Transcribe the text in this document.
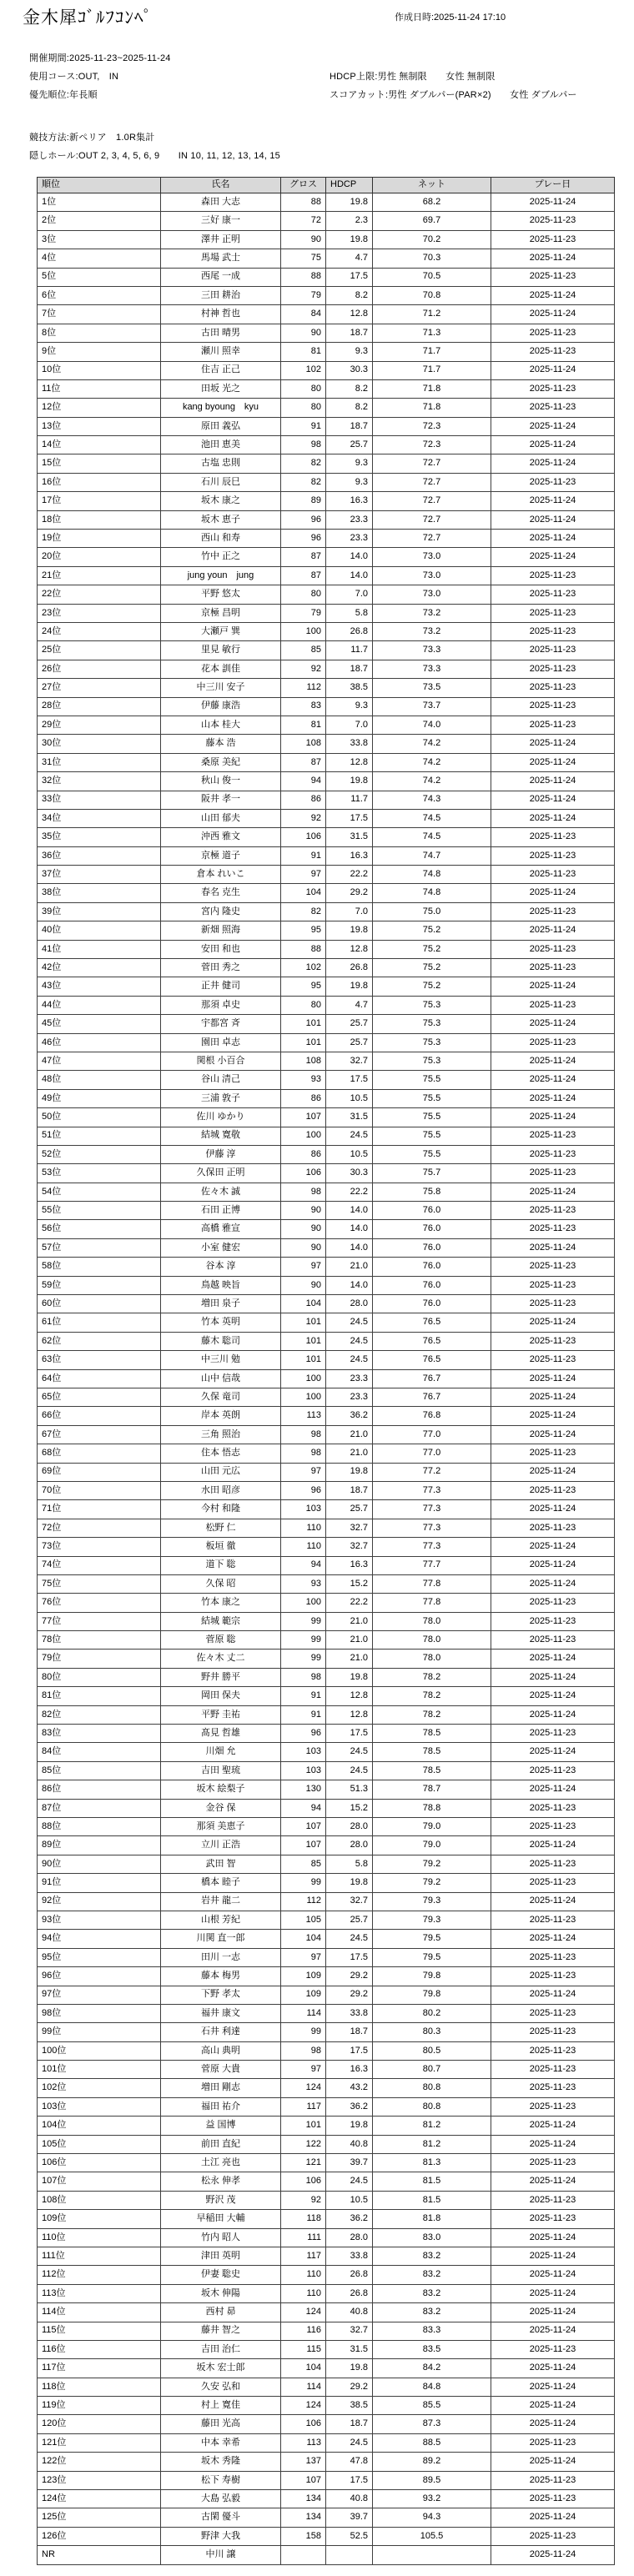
金木犀ｺﾞﾙﾌｺﾝﾍﾟ	作成日時:2025-11-24 17:10
開催期間:2025-11-23~2025-11-24
使用コース:OUT,　IN
優先順位:年長順
HDCP上限:男性 無制限　　女性 無制限
スコアカット:男性 ダブルパー(PAR×2)　　女性 ダブルパー
競技方法:新ペリア　1.0R集計
隠しホール:OUT 2, 3, 4, 5, 6, 9　　IN 10, 11, 12, 13, 14, 15
順位	氏名	グロス	HDCP	ネット	プレー日
1位	森田 大志	88	19.8	68.2	2025-11-24
2位	三好 康一	72	2.3	69.7	2025-11-23
3位	澤井 正明	90	19.8	70.2	2025-11-23
4位	馬場 武士	75	4.7	70.3	2025-11-24
5位	西尾 一成	88	17.5	70.5	2025-11-23
6位	三田 耕治	79	8.2	70.8	2025-11-24
7位	村神 哲也	84	12.8	71.2	2025-11-24
8位	古田 晴男	90	18.7	71.3	2025-11-23
9位	瀬川 照幸	81	9.3	71.7	2025-11-23
10位	住吉 正己	102	30.3	71.7	2025-11-24
11位	田坂 光之	80	8.2	71.8	2025-11-23
12位	kang byoung　kyu	80	8.2	71.8	2025-11-23
13位	原田 義弘	91	18.7	72.3	2025-11-24
14位	池田 恵美	98	25.7	72.3	2025-11-24
15位	古塩 忠則	82	9.3	72.7	2025-11-24
16位	石川 辰巳	82	9.3	72.7	2025-11-23
17位	坂木 康之	89	16.3	72.7	2025-11-24
18位	坂木 恵子	96	23.3	72.7	2025-11-24
19位	西山 和寿	96	23.3	72.7	2025-11-24
20位	竹中 正之	87	14.0	73.0	2025-11-24
21位	jung youn　jung	87	14.0	73.0	2025-11-23
22位	平野 悠太	80	7.0	73.0	2025-11-23
23位	京極 昌明	79	5.8	73.2	2025-11-23
24位	大瀬戸 巽	100	26.8	73.2	2025-11-23
25位	里見 敏行	85	11.7	73.3	2025-11-23
26位	花本 訓佳	92	18.7	73.3	2025-11-23
27位	中三川 安子	112	38.5	73.5	2025-11-23
28位	伊藤 康浩	83	9.3	73.7	2025-11-23
29位	山本 桂大	81	7.0	74.0	2025-11-23
30位	藤本 浩	108	33.8	74.2	2025-11-24
31位	桑原 美紀	87	12.8	74.2	2025-11-24
32位	秋山 俊一	94	19.8	74.2	2025-11-24
33位	阪井 孝一	86	11.7	74.3	2025-11-24
34位	山田 郁夫	92	17.5	74.5	2025-11-24
35位	沖西 雅文	106	31.5	74.5	2025-11-23
36位	京極 道子	91	16.3	74.7	2025-11-23
37位	倉本 れいこ	97	22.2	74.8	2025-11-23
38位	春名 克生	104	29.2	74.8	2025-11-24
39位	宮内 隆史	82	7.0	75.0	2025-11-23
40位	新畑 照海	95	19.8	75.2	2025-11-24
41位	安田 和也	88	12.8	75.2	2025-11-23
42位	菅田 秀之	102	26.8	75.2	2025-11-23
43位	正井 健司	95	19.8	75.2	2025-11-24
44位	那須 卓史	80	4.7	75.3	2025-11-23
45位	宇都宮 斉	101	25.7	75.3	2025-11-24
46位	園田 卓志	101	25.7	75.3	2025-11-23
47位	関根 小百合	108	32.7	75.3	2025-11-24
48位	谷山 清己	93	17.5	75.5	2025-11-24
49位	三浦 敦子	86	10.5	75.5	2025-11-24
50位	佐川 ゆかり	107	31.5	75.5	2025-11-24
51位	結城 寛敬	100	24.5	75.5	2025-11-23
52位	伊藤 淳	86	10.5	75.5	2025-11-23
53位	久保田 正明	106	30.3	75.7	2025-11-23
54位	佐々木 誠	98	22.2	75.8	2025-11-24
55位	石田 正博	90	14.0	76.0	2025-11-23
56位	高橋 雅宣	90	14.0	76.0	2025-11-23
57位	小室 健宏	90	14.0	76.0	2025-11-24
58位	谷本 淳	97	21.0	76.0	2025-11-23
59位	鳥越 映旨	90	14.0	76.0	2025-11-23
60位	増田 泉子	104	28.0	76.0	2025-11-23
61位	竹本 英明	101	24.5	76.5	2025-11-24
62位	藤木 聡司	101	24.5	76.5	2025-11-23
63位	中三川 勉	101	24.5	76.5	2025-11-23
64位	山中 信哉	100	23.3	76.7	2025-11-24
65位	久保 竜司	100	23.3	76.7	2025-11-24
66位	岸本 英朗	113	36.2	76.8	2025-11-24
67位	三角 照治	98	21.0	77.0	2025-11-24
68位	住本 悟志	98	21.0	77.0	2025-11-23
69位	山田 元広	97	19.8	77.2	2025-11-24
70位	水田 昭彦	96	18.7	77.3	2025-11-23
71位	今村 和隆	103	25.7	77.3	2025-11-24
72位	松野 仁	110	32.7	77.3	2025-11-23
73位	板垣 徹	110	32.7	77.3	2025-11-24
74位	道下 聡	94	16.3	77.7	2025-11-24
75位	久保 昭	93	15.2	77.8	2025-11-24
76位	竹本 康之	100	22.2	77.8	2025-11-23
77位	結城 範宗	99	21.0	78.0	2025-11-23
78位	菅原 聡	99	21.0	78.0	2025-11-23
79位	佐々木 丈二	99	21.0	78.0	2025-11-24
80位	野井 勝平	98	19.8	78.2	2025-11-24
81位	岡田 保夫	91	12.8	78.2	2025-11-24
82位	平野 圭祐	91	12.8	78.2	2025-11-24
83位	髙見 哲雄	96	17.5	78.5	2025-11-23
84位	川畑 允	103	24.5	78.5	2025-11-24
85位	吉田 聖琉	103	24.5	78.5	2025-11-23
86位	坂木 絵梨子	130	51.3	78.7	2025-11-24
87位	金谷 保	94	15.2	78.8	2025-11-23
88位	那須 美恵子	107	28.0	79.0	2025-11-23
89位	立川 正浩	107	28.0	79.0	2025-11-24
90位	武田 智	85	5.8	79.2	2025-11-23
91位	橋本 睦子	99	19.8	79.2	2025-11-23
92位	岩井 龍二	112	32.7	79.3	2025-11-24
93位	山根 芳紀	105	25.7	79.3	2025-11-23
94位	川関 直一郎	104	24.5	79.5	2025-11-24
95位	田川 一志	97	17.5	79.5	2025-11-23
96位	藤本 梅男	109	29.2	79.8	2025-11-23
97位	下野 孝太	109	29.2	79.8	2025-11-24
98位	福井 康文	114	33.8	80.2	2025-11-23
99位	石井 利達	99	18.7	80.3	2025-11-23
100位	高山 典明	98	17.5	80.5	2025-11-23
101位	菅原 大貴	97	16.3	80.7	2025-11-23
102位	増田 剛志	124	43.2	80.8	2025-11-23
103位	福田 祐介	117	36.2	80.8	2025-11-23
104位	益 国博	101	19.8	81.2	2025-11-24
105位	前田 直紀	122	40.8	81.2	2025-11-24
106位	土江 亮也	121	39.7	81.3	2025-11-23
107位	松永 伸孝	106	24.5	81.5	2025-11-24
108位	野沢 茂	92	10.5	81.5	2025-11-23
109位	早稲田 大輔	118	36.2	81.8	2025-11-23
110位	竹内 昭人	111	28.0	83.0	2025-11-24
111位	津田 英明	117	33.8	83.2	2025-11-24
112位	伊妻 聡史	110	26.8	83.2	2025-11-24
113位	坂木 伸陽	110	26.8	83.2	2025-11-24
114位	西村 昴	124	40.8	83.2	2025-11-24
115位	藤井 智之	116	32.7	83.3	2025-11-24
116位	吉田 治仁	115	31.5	83.5	2025-11-23
117位	坂木 宏士郎	104	19.8	84.2	2025-11-24
118位	久安 弘和	114	29.2	84.8	2025-11-24
119位	村上 寛佳	124	38.5	85.5	2025-11-24
120位	藤田 光高	106	18.7	87.3	2025-11-24
121位	中本 幸希	113	24.5	88.5	2025-11-23
122位	坂木 秀隆	137	47.8	89.2	2025-11-24
123位	松下 寿樹	107	17.5	89.5	2025-11-23
124位	大島 弘毅	134	40.8	93.2	2025-11-23
125位	古閑 優斗	134	39.7	94.3	2025-11-24
126位	野津 大我	158	52.5	105.5	2025-11-23
NR	中川 譲				2025-11-24
